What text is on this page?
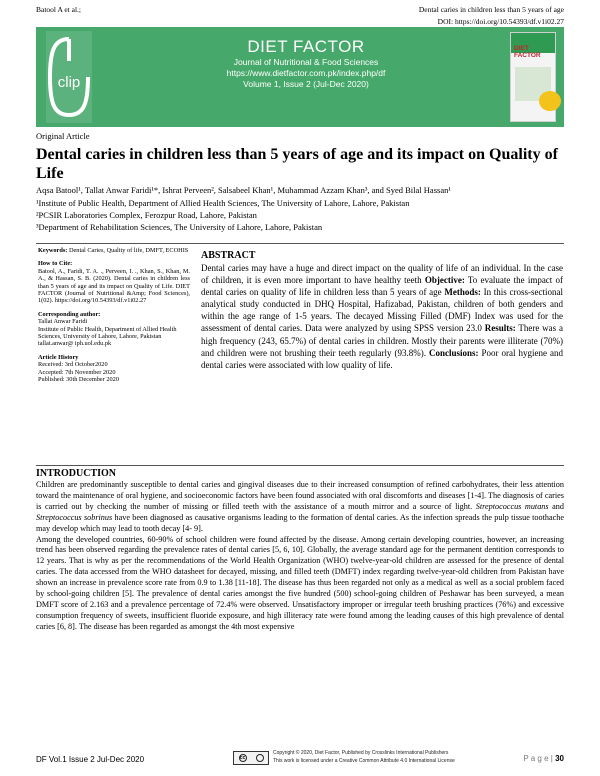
Batool A et al.;	Dental caries in children less than 5 years of age
DOI: https://doi.org/10.54393/df.v1i02.27
clip
DIET FACTOR
Journal of Nutritional & Food Sciences
https://www.dietfactor.com.pk/index.php/df
Volume 1, Issue 2 (Jul-Dec 2020)
DIET
FACTOR
Original Article
Dental caries in children less than 5 years of age and its impact on Quality of Life
Aqsa Batool¹, Tallat Anwar Faridi¹*, Ishrat Perveen², Salsabeel Khan¹, Muhammad Azzam Khan³, and Syed Bilal Hassan¹
¹Institute of Public Health, Department of Allied Health Sciences, The University of Lahore, Lahore, Pakistan
²PCSIR Laboratories Complex, Ferozpur Road, Lahore, Pakistan
³Department of Rehabilitation Sciences, The University of Lahore, Lahore, Pakistan
Keywords: Dental Caries, Quality of life, DMFT, ECOHIS
How to Cite:
Batool, A., Faridi, T. A. ., Perveen, I. ., Khan, S., Khan, M. A., & Hassan, S. B. (2020). Dental caries in children less than 5 years of age and its impact on Quality of Life. DIET FACTOR (Journal of Nutritional &Amp; Food Sciences), 1(02). https://doi.org/10.54393/df.v1i02.27
Corresponding author:
Tallat Anwar Faridi
Institute of Public Health, Department of Allied Health Sciences, University of Lahore, Lahore, Pakistan
tallat.anwar@ iph.uol.edu.pk
Article History
Received: 3rd October2020
Accepted: 7th November 2020
Published: 30th December 2020
ABSTRACT
Dental caries may have a huge and direct impact on the quality of life of an individual. In the case of children, it is even more important to have healthy teeth Objective: To evaluate the impact of dental caries on quality of life in children less than 5 years of age Methods: In this cross-sectional analytical study conducted in DHQ Hospital, Hafizabad, Pakistan, children of both genders and within the age range of 1-5 years. The decayed Missing Filled (DMF) Index was used for the assessment of dental caries. Data were analyzed by using SPSS version 23.0 Results: There was a high frequency (243, 65.7%) of dental caries in children. Mostly their parents were illiterate (70%) and children were not brushing their teeth regularly (93.8%). Conclusions: Poor oral hygiene and dental caries were associated with low quality of life.
INTRODUCTION

Children are predominantly susceptible to dental caries and gingival diseases due to their increased consumption of refined carbohydrates, their less attention toward the maintenance of oral hygiene, and socioeconomic factors have been found associated with oral discomforts and diseases [1-4]. The diagnosis of caries is carried out by checking the number of missing or filled teeth with the assistance of a mouth mirror and a source of light. Streptococcus mutans and Streptococcus sobrinus have been diagnosed as causative organisms leading to the formation of dental caries. As the infection spreads the pulp tissue toothache may develop which may lead to tooth decay [4- 9].

Among the developed countries, 60-90% of school children were found affected by the disease. Among certain developing countries, however, an increasing trend has been observed regarding the prevalence rates of dental caries [5, 6, 10]. Globally, the average standard age for the permanent dentition corresponds to 12 years. That is why as per the recommendations of the World Health Organization (WHO) twelve-year-old children are assessed for the presence of dental caries. The data accessed from the WHO datasheet for decayed, missing, and filled teeth (DMFT) index regarding twelve-year-old children from Pakistan have shown an increase in prevalence score rate from 0.9 to 1.38 [11-18]. The disease has thus been regarded not only as a medical as well as a social problem faced by school-going children [5]. The prevalence of dental caries amongst the five hundred (500) school-going children of Peshawar has been surveyed, a mean DMFT score of 2.163 and a prevalence percentage of 72.4% were observed. Unsatisfactory improper or irregular teeth brushing practices (76%) and excessive consumption frequency of sweets, insufficient fluoride exposure, and high illiteracy rate were found among the leading causes of this high prevalence of dental caries [6, 8]. The disease has been regarded as amongst the 4th most expensive

DF Vol.1 Issue 2 Jul-Dec 2020	cc
Copyright © 2020, Diet Factor, Published by Crosslinks International Publishers
This work is licensed under a Creative Common Attribute 4.0 International License	P a g e | 30
